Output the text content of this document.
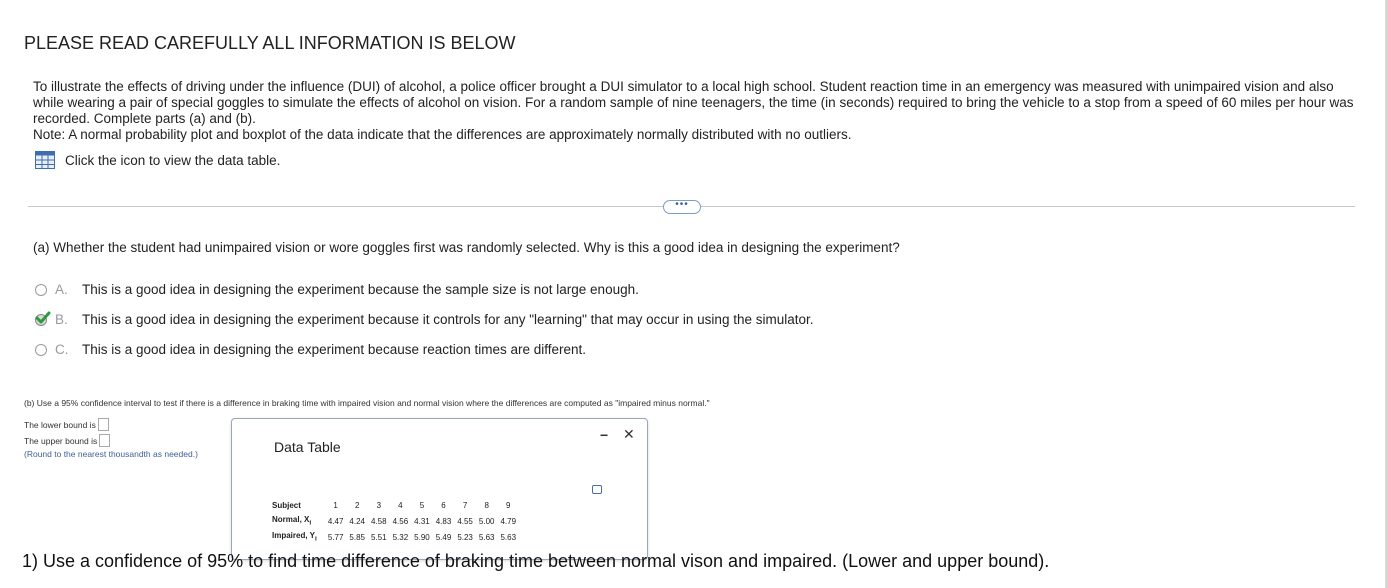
PLEASE READ CAREFULLY ALL INFORMATION IS BELOW

To illustrate the effects of driving under the influence (DUI) of alcohol, a police officer brought a DUI simulator to a local high school. Student reaction time in an emergency was measured with unimpaired vision and also while wearing a pair of special goggles to simulate the effects of alcohol on vision. For a random sample of nine teenagers, the time (in seconds) required to bring the vehicle to a stop from a speed of 60 miles per hour was recorded. Complete parts (a) and (b).

Note: A normal probability plot and boxplot of the data indicate that the differences are approximately normally distributed with no outliers.

Click the icon to view the data table.
•••
(a) Whether the student had unimpaired vision or wore goggles first was randomly selected. Why is this a good idea in designing the experiment?
A.	This is a good idea in designing the experiment because the sample size is not large enough.
B.	This is a good idea in designing the experiment because it controls for any "learning" that may occur in using the simulator.
C.	This is a good idea in designing the experiment because reaction times are different.
(b) Use a 95% confidence interval to test if there is a difference in braking time with impaired vision and normal vision where the differences are computed as "impaired minus normal."
The lower bound is
The upper bound is
(Round to the nearest thousandth as needed.)	Data Table
− ✕
Subject	1	2	3	4	5	6	7	8	9
Normal, $X_i$	4.47	4.24	4.58	4.56	4.31	4.83	4.55	5.00	4.79
Impaired, $Y_i$	5.77	5.85	5.51	5.32	5.90	5.49	5.23	5.63	5.63
1) Use a confidence of 95% to find time difference of braking time between normal vison and impaired. (Lower and upper bound).
